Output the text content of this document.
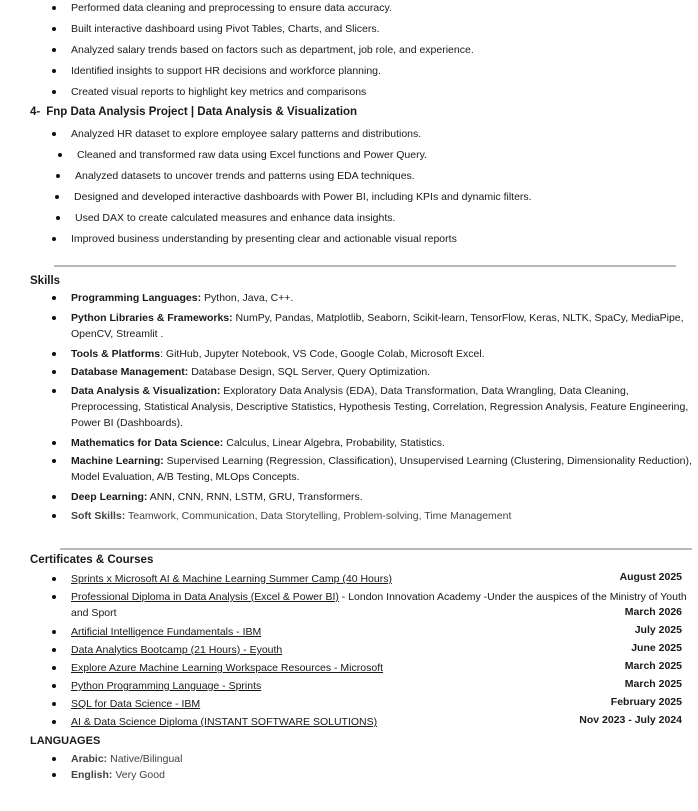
Performed data cleaning and preprocessing to ensure data accuracy.
Built interactive dashboard using Pivot Tables, Charts, and Slicers.
Analyzed salary trends based on factors such as department, job role, and experience.
Identified insights to support HR decisions and workforce planning.
Created visual reports to highlight key metrics and comparisons
4- Fnp Data Analysis Project | Data Analysis & Visualization
Analyzed HR dataset to explore employee salary patterns and distributions.
Cleaned and transformed raw data using Excel functions and Power Query.
Analyzed datasets to uncover trends and patterns using EDA techniques.
Designed and developed interactive dashboards with Power BI, including KPIs and dynamic filters.
Used DAX to create calculated measures and enhance data insights.
Improved business understanding by presenting clear and actionable visual reports
Skills
Programming Languages: Python, Java, C++.
Python Libraries & Frameworks: NumPy, Pandas, Matplotlib, Seaborn, Scikit-learn, TensorFlow, Keras, NLTK, SpaCy, MediaPipe, OpenCV, Streamlit .
Tools & Platforms: GitHub, Jupyter Notebook, VS Code, Google Colab, Microsoft Excel.
Database Management: Database Design, SQL Server, Query Optimization.
Data Analysis & Visualization: Exploratory Data Analysis (EDA), Data Transformation, Data Wrangling, Data Cleaning, Preprocessing, Statistical Analysis, Descriptive Statistics, Hypothesis Testing, Correlation, Regression Analysis, Feature Engineering, Power BI (Dashboards).
Mathematics for Data Science: Calculus, Linear Algebra, Probability, Statistics.
Machine Learning: Supervised Learning (Regression, Classification), Unsupervised Learning (Clustering, Dimensionality Reduction), Model Evaluation, A/B Testing, MLOps Concepts.
Deep Learning: ANN, CNN, RNN, LSTM, GRU, Transformers.
Soft Skills: Teamwork, Communication, Data Storytelling, Problem-solving, Time Management
Certificates & Courses
Sprints x Microsoft AI & Machine Learning Summer Camp (40 Hours)
Professional Diploma in Data Analysis (Excel & Power BI) - London Innovation Academy -Under the auspices of the Ministry of Youth and Sport
Artificial Intelligence Fundamentals - IBM
Data Analytics Bootcamp (21 Hours) - Eyouth
Explore Azure Machine Learning Workspace Resources - Microsoft
Python Programming Language - Sprints
SQL for Data Science - IBM
AI & Data Science Diploma (INSTANT SOFTWARE SOLUTIONS)
August 2025
March 2026
July 2025
June 2025
March 2025
March 2025
February 2025
Nov 2023 - July 2024
LANGUAGES
Arabic: Native/Bilingual
English: Very Good
